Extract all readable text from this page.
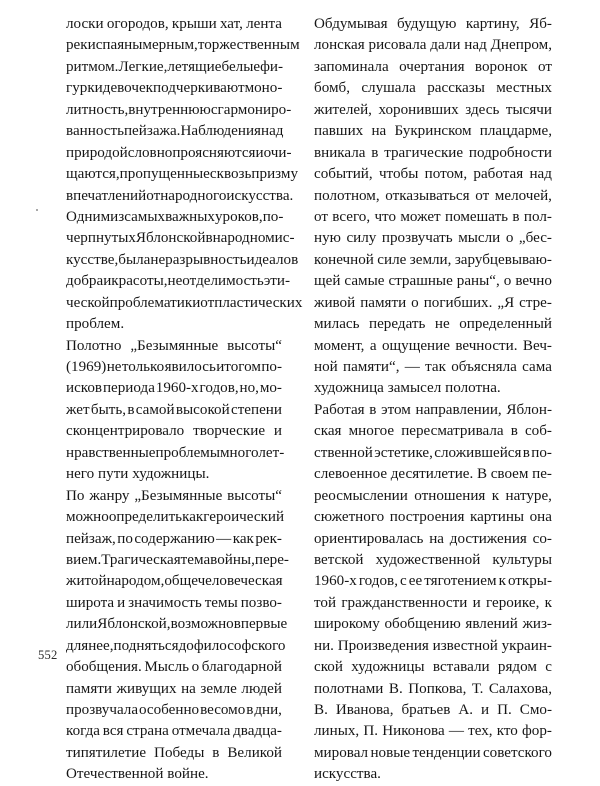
лоски огородов, крыши хат, лента
реки спаяны мерным, торжественным
ритмом. Легкие, летящие белые фи-
гурки девочек подчеркивают моно-
литность, внутреннюю сгармониро-
ванность пейзажа. Наблюдения над
природой словно проясняются и очи-
щаются, пропущенные сквозь призму
впечатлений от народного искусства.
Одним из самых важных уроков, по-
черпнутых Яблонской в народном ис-
кусстве, была неразрывность идеалов
добра и красоты, неотделимость эти-
ческой проблематики от пластических
проблем.
Полотно „Безымянные высоты“
(1969) не только явилось итогом по-
исков периода 1960-х годов, но, мо-
жет быть, в самой высокой степени
сконцентрировало творческие и
нравственные проблемы многолет-
него пути художницы.
По жанру „Безымянные высоты“
можно определить как героический
пейзаж, по содержанию — как рек-
вием. Трагическая тема войны, пере-
житой народом, общечеловеческая
широта и значимость темы позво-
лили Яблонской, возможно впервые
для нее, подняться до философского
обобщения. Мысль о благодарной
памяти живущих на земле людей
прозвучала особенно весомо в дни,
когда вся страна отмечала двадца-
типятилетие Победы в Великой
Отечественной войне.
Обдумывая будущую картину, Яб-
лонская рисовала дали над Днепром,
запоминала очертания воронок от
бомб, слушала рассказы местных
жителей, хоронивших здесь тысячи
павших на Букринском плацдарме,
вникала в трагические подробности
событий, чтобы потом, работая над
полотном, отказываться от мелочей,
от всего, что может помешать в пол-
ную силу прозвучать мысли о „бес-
конечной силе земли, зарубцевываю-
щей самые страшные раны“, о вечно
живой памяти о погибших. „Я стре-
милась передать не определенный
момент, а ощущение вечности. Веч-
ной памяти“, — так объясняла сама
художница замысел полотна.
Работая в этом направлении, Яблон-
ская многое пересматривала в соб-
ственной эстетике, сложившейся в по-
слевоенное десятилетие. В своем пе-
реосмыслении отношения к натуре,
сюжетного построения картины она
ориентировалась на достижения со-
ветской художественной культуры
1960-х годов, с ее тяготением к откры-
той гражданственности и героике, к
широкому обобщению явлений жиз-
ни. Произведения известной украин-
ской художницы вставали рядом с
полотнами В. Попкова, Т. Салахова,
В. Иванова, братьев А. и П. Смо-
линых, П. Никонова — тех, кто фор-
мировал новые тенденции советского
искусства.
552
